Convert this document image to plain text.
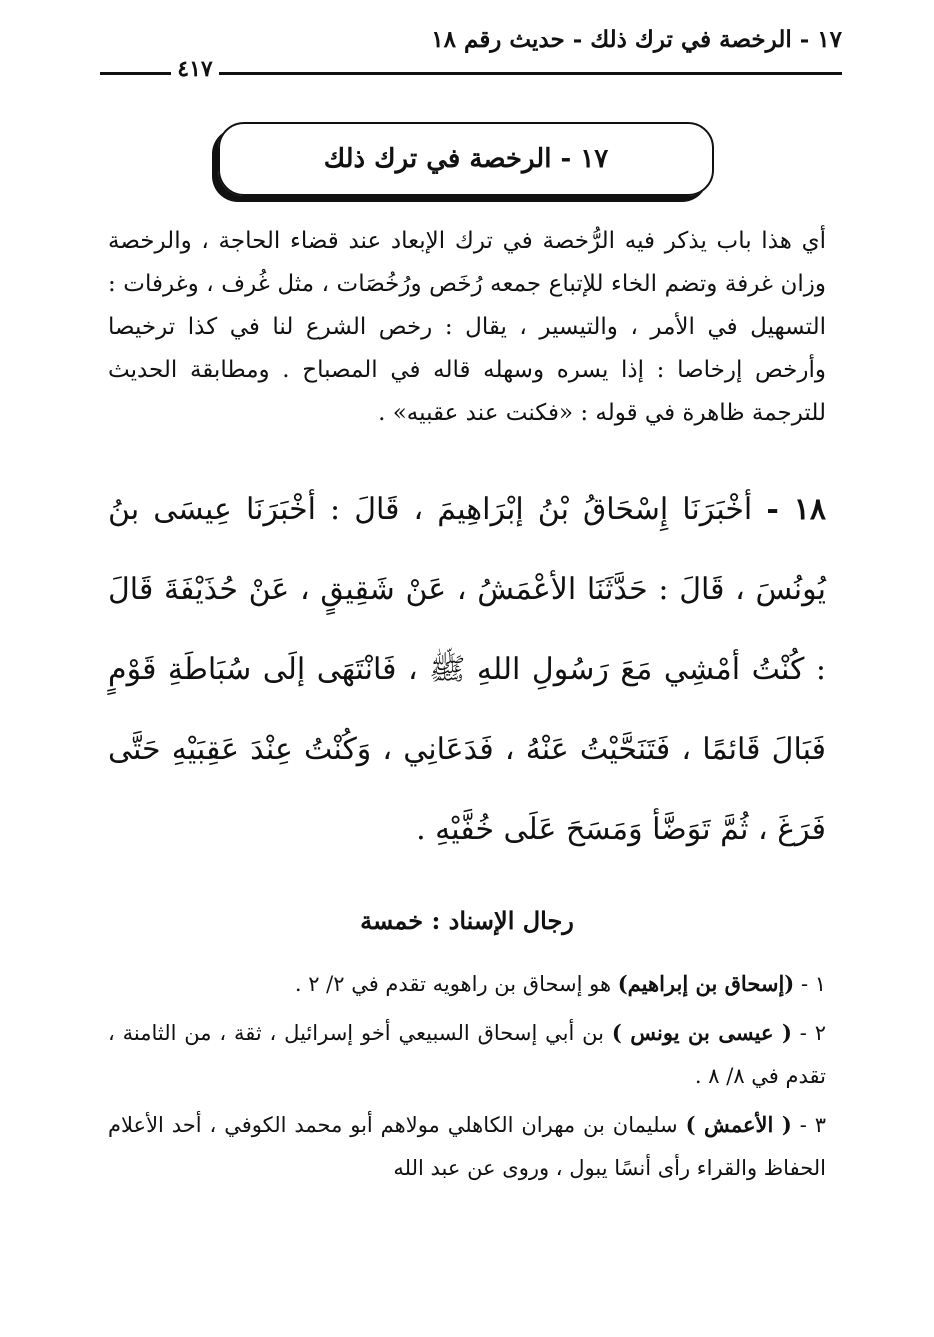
١٧ - الرخصة في ترك ذلك - حديث رقم ١٨
٤١٧
١٧ - الرخصة في ترك ذلك
أي هذا باب يذكر فيه الرُّخصة في ترك الإبعاد عند قضاء الحاجة ، والرخصة وزان غرفة وتضم الخاء للإتباع جمعه رُخَص ورُخُصَات ، مثل غُرف ، وغرفات : التسهيل في الأمر ، والتيسير ، يقال : رخص الشرع لنا في كذا ترخيصا وأرخص إرخاصا : إذا يسره وسهله قاله في المصباح . ومطابقة الحديث للترجمة ظاهرة في قوله : «فكنت عند عقبيه» .
١٨ - أخْبَرَنَا إِسْحَاقُ بْنُ إبْرَاهِيمَ ، قَالَ : أخْبَرَنَا عِيسَى بنُ يُونُسَ ، قَالَ : حَدَّثَنَا الأعْمَشُ ، عَنْ شَقِيقٍ ، عَنْ حُذَيْفَةَ قَالَ : كُنْتُ أمْشِي مَعَ رَسُولِ اللهِ ﷺ ، فَانْتَهَى إلَى سُبَاطَةِ قَوْمٍ فَبَالَ قَائمًا ، فَتَنَحَّيْتُ عَنْهُ ، فَدَعَانِي ، وَكُنْتُ عِنْدَ عَقِبَيْهِ حَتَّى فَرَغَ ، ثُمَّ تَوَضَّأ وَمَسَحَ عَلَى خُفَّيْهِ .
رجال الإسناد : خمسة

١ - (إسحاق بن إبراهيم) هو إسحاق بن راهويه تقدم في ٢/ ٢ .

٢ - ( عيسى بن يونس ) بن أبي إسحاق السبيعي أخو إسرائيل ، ثقة ، من الثامنة ، تقدم في ٨/ ٨ .

٣ - ( الأعمش ) سليمان بن مهران الكاهلي مولاهم أبو محمد الكوفي ، أحد الأعلام الحفاظ والقراء رأى أنسًا يبول ، وروى عن عبد الله
